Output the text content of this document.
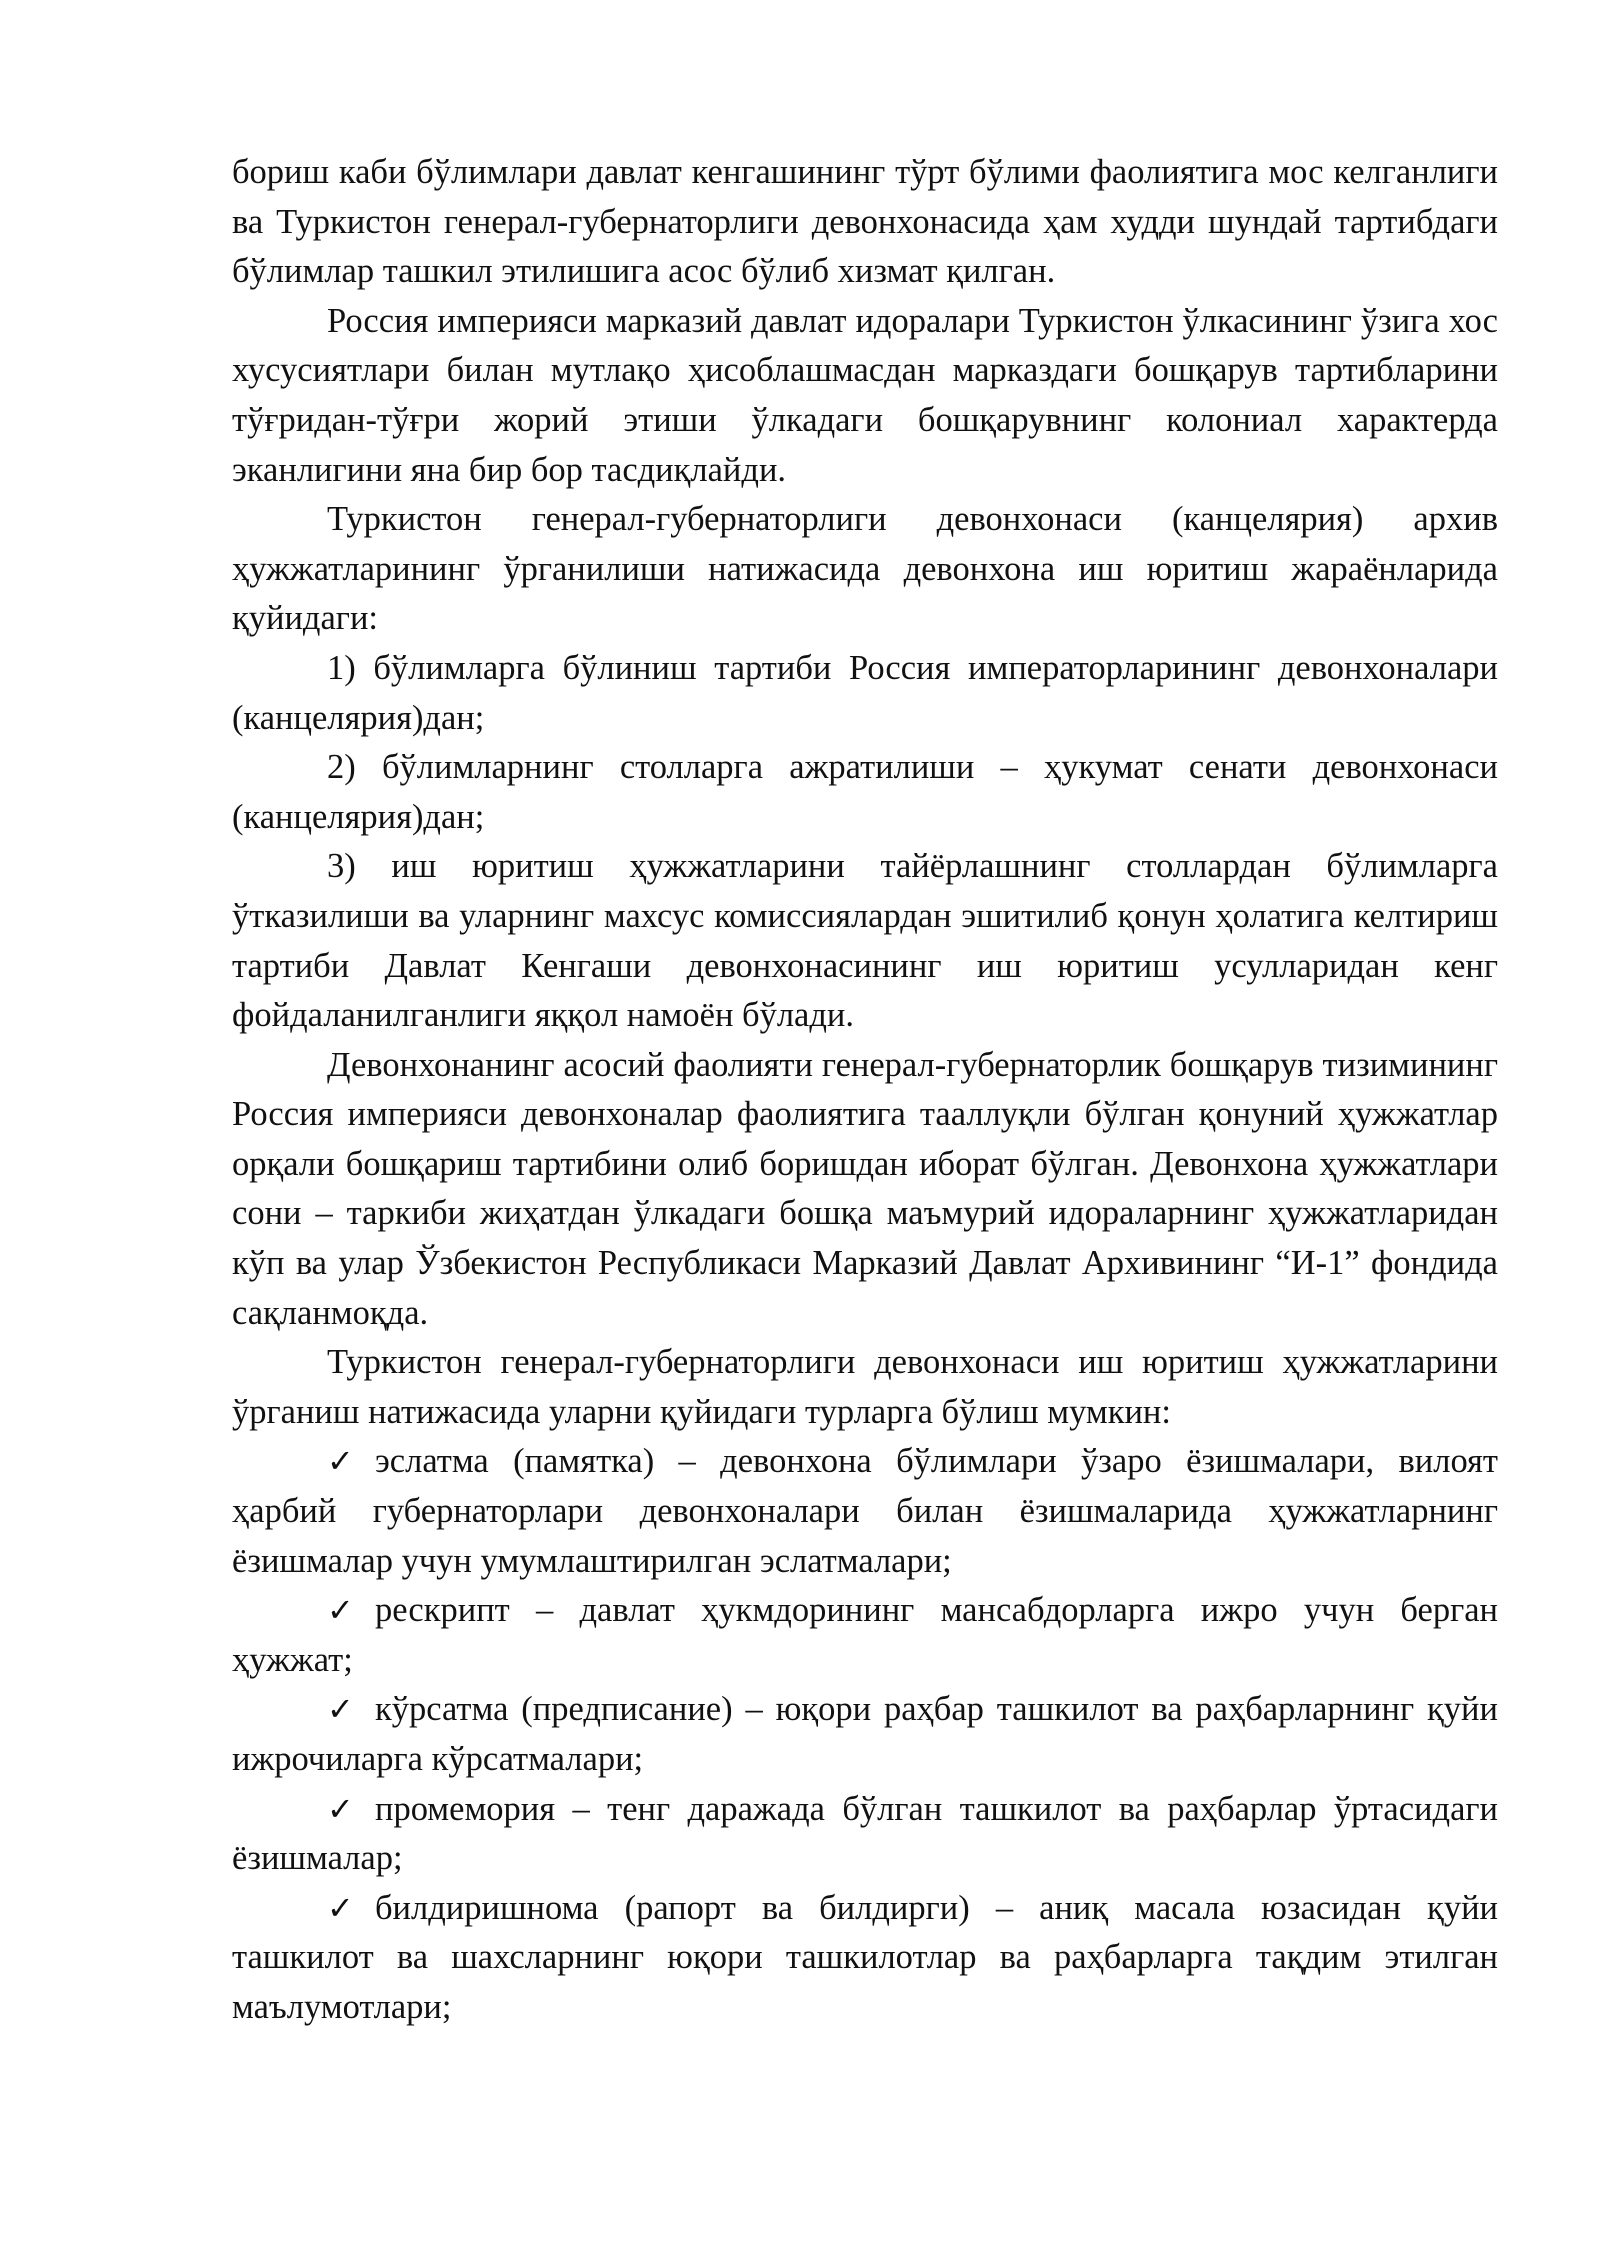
бориш каби бўлимлари давлат кенгашининг тўрт бўлими фаолиятига мос келганлиги ва Туркистон генерал-губернаторлиги девонхонасида ҳам худди шундай тартибдаги бўлимлар ташкил этилишига асос бўлиб хизмат қилган.

Россия империяси марказий давлат идоралари Туркистон ўлкасининг ўзига хос хусусиятлари билан мутлақо ҳисоблашмасдан марказдаги бошқарув тартибларини тўғридан-тўғри жорий этиши ўлкадаги бошқарувнинг колониал характерда эканлигини яна бир бор тасдиқлайди.

Туркистон генерал-губернаторлиги девонхонаси (канцелярия) архив ҳужжатларининг ўрганилиши натижасида девонхона иш юритиш жараёнларида қуйидаги:

1) бўлимларга бўлиниш тартиби Россия императорларининг девонхоналари (канцелярия)дан;

2) бўлимларнинг столларга ажратилиши – ҳукумат сенати девонхонаси (канцелярия)дан;

3) иш юритиш ҳужжатларини тайёрлашнинг столлардан бўлимларга ўтказилиши ва уларнинг махсус комиссиялардан эшитилиб қонун ҳолатига келтириш тартиби Давлат Кенгаши девонхонасининг иш юритиш усулларидан кенг фойдаланилганлиги яққол намоён бўлади.

Девонхонанинг асосий фаолияти генерал-губернаторлик бошқарув тизимининг Россия империяси девонхоналар фаолиятига тааллуқли бўлган қонуний ҳужжатлар орқали бошқариш тартибини олиб боришдан иборат бўлган. Девонхона ҳужжатлари сони – таркиби жиҳатдан ўлкадаги бошқа маъмурий идораларнинг ҳужжатларидан кўп ва улар Ўзбекистон Республикаси Марказий Давлат Архивининг “И-1” фондида сақланмоқда.

Туркистон генерал-губернаторлиги девонхонаси иш юритиш ҳужжатларини ўрганиш натижасида уларни қуйидаги турларга бўлиш мумкин:

✓ эслатма (памятка) – девонхона бўлимлари ўзаро ёзишмалари, вилоят ҳарбий губернаторлари девонхоналари билан ёзишмаларида ҳужжатларнинг ёзишмалар учун умумлаштирилган эслатмалари;

✓ рескрипт – давлат ҳукмдорининг мансабдорларга ижро учун берган ҳужжат;

✓ кўрсатма (предписание) – юқори раҳбар ташкилот ва раҳбарларнинг қуйи ижрочиларга кўрсатмалари;

✓ промемория – тенг даражада бўлган ташкилот ва раҳбарлар ўртасидаги ёзишмалар;

✓ билдиришнома (рапорт ва билдирги) – аниқ масала юзасидан қуйи ташкилот ва шахсларнинг юқори ташкилотлар ва раҳбарларга тақдим этилган маълумотлари;
